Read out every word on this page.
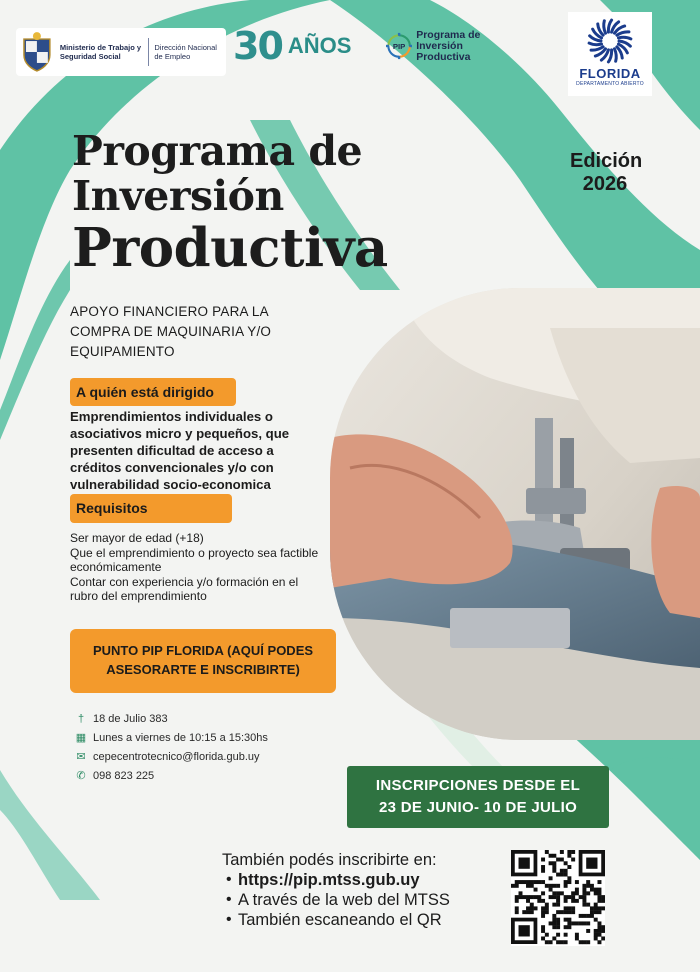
Ministerio de Trabajo y Seguridad Social
Dirección Nacional de Empleo	30 AÑOS	PIP
Programa de Inversión Productiva
FLORIDA
DEPARTAMENTO ABIERTO
Programa de
Inversión
Productiva
Edición
2026
APOYO FINANCIERO PARA LA COMPRA DE MAQUINARIA Y/O EQUIPAMIENTO
A quién está dirigido
Emprendimientos individuales o asociativos micro y pequeños, que presenten dificultad de acceso a créditos convencionales y/o con vulnerabilidad socio-economica
Requisitos
Ser mayor de edad (+18)
Que el emprendimiento o proyecto sea factible económicamente
Contar con experiencia y/o formación en el rubro del emprendimiento
PUNTO PIP FLORIDA (AQUÍ PODES ASESORARTE E INSCRIBIRTE)
† 18 de Julio 383
▦ Lunes a viernes de 10:15 a 15:30hs
✉ cepecentrotecnico@florida.gub.uy
✆ 098 823 225
INSCRIPCIONES DESDE EL
23 DE JUNIO- 10 DE JULIO
También podés inscribirte en:
• https://pip.mtss.gub.uy
• A través de la web del MTSS
• También escaneando el QR
